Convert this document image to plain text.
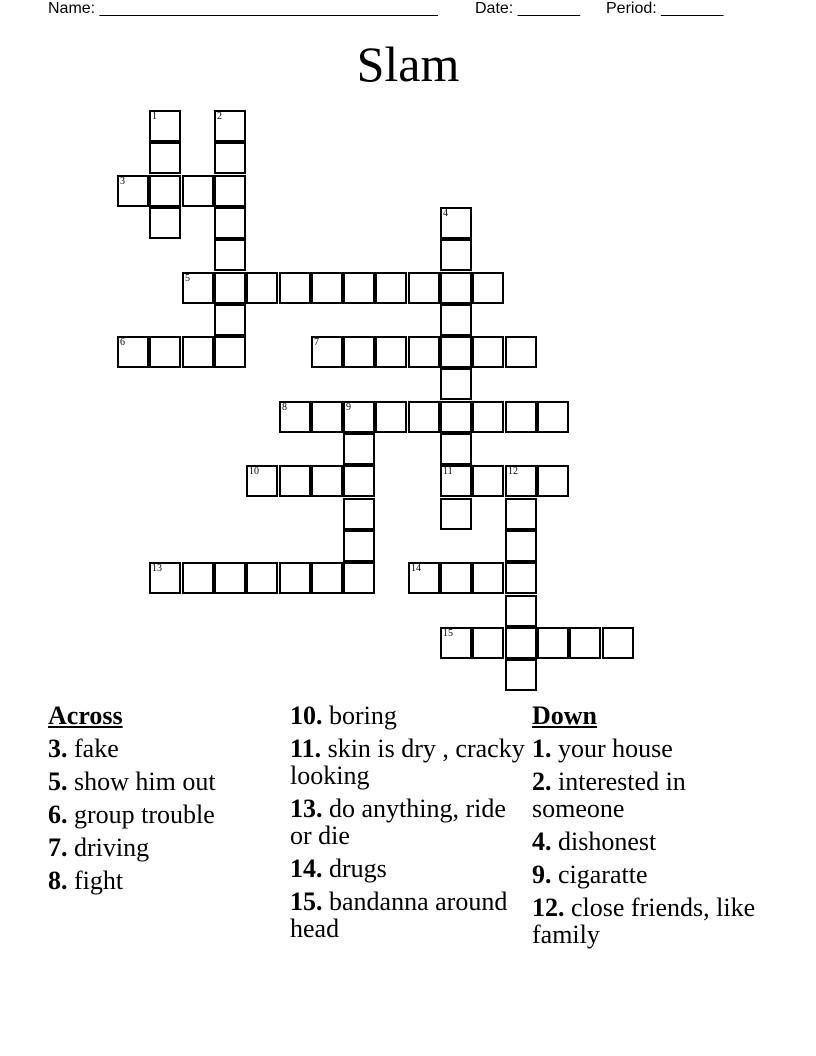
Name: ______________________________________

Date: _______

Period: _______

Slam
1	2
3
4
5
6	7
8	9
10	11	12
13	14
15
Across
3. fake
5. show him out
6. group trouble
7. driving
8. fight
10. boring
11. skin is dry , cracky looking
13. do anything, ride or die
14. drugs
15. bandanna around head
Down
1. your house
2. interested in someone
4. dishonest
9. cigaratte
12. close friends, like family
